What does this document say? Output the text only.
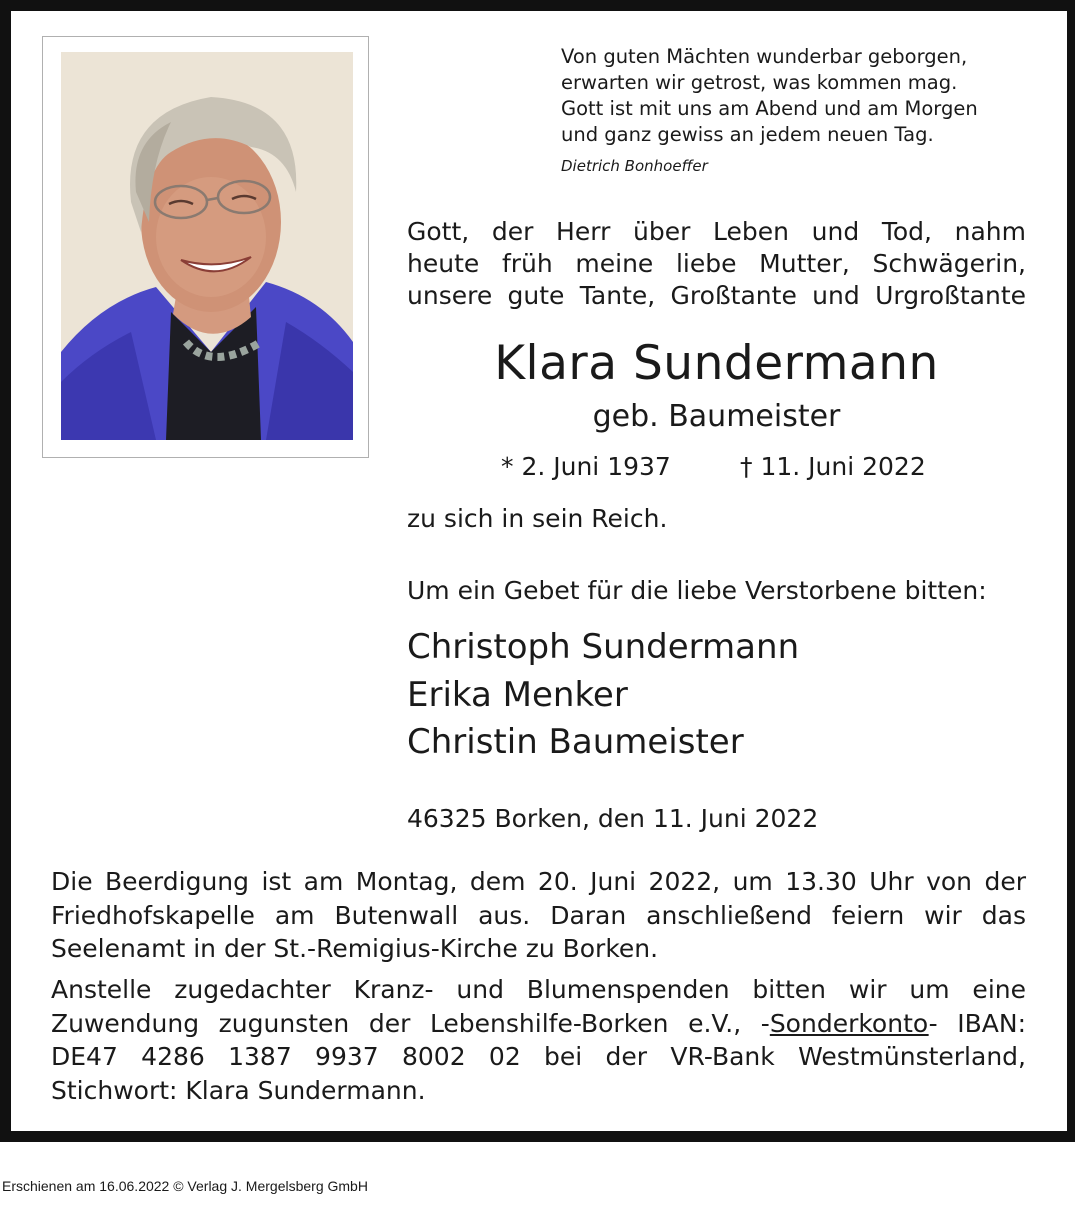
Von guten Mächten wunderbar geborgen,
erwarten wir getrost, was kommen mag.
Gott ist mit uns am Abend und am Morgen
und ganz gewiss an jedem neuen Tag.
Dietrich Bonhoeffer
Gott, der Herr über Leben und Tod, nahm
heute früh meine liebe Mutter, Schwägerin,
unsere gute Tante, Großtante und Urgroßtante
Klara Sundermann
geb. Baumeister
* 2. Juni 1937	† 11. Juni 2022
zu sich in sein Reich.
Um ein Gebet für die liebe Verstorbene bitten:
Christoph Sundermann
Erika Menker
Christin Baumeister
46325 Borken, den 11. Juni 2022
Die Beerdigung ist am Montag, dem 20. Juni 2022, um 13.30 Uhr von der
Friedhofskapelle am Butenwall aus. Daran anschließend feiern wir das
Seelenamt in der St.-Remigius-Kirche zu Borken.
Anstelle zugedachter Kranz- und Blumenspenden bitten wir um eine
Zuwendung zugunsten der Lebenshilfe-Borken e.V., -Sonderkonto- IBAN:
DE47 4286 1387 9937 8002 02 bei der VR-Bank Westmünsterland,
Stichwort: Klara Sundermann.
Erschienen am 16.06.2022 © Verlag J. Mergelsberg GmbH
